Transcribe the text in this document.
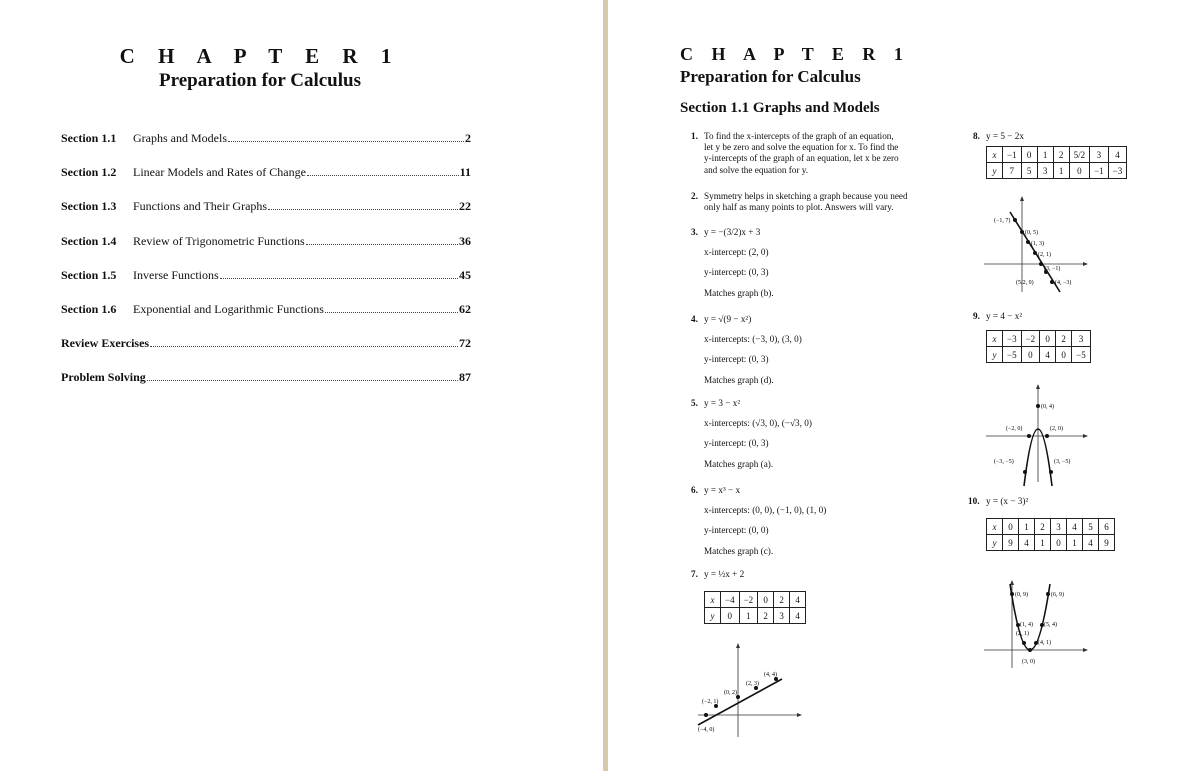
C H A P T E R 1
Preparation for Calculus
Section 1.1	Graphs and Models	2
Section 1.2	Linear Models and Rates of Change	11
Section 1.3	Functions and Their Graphs	22
Section 1.4	Review of Trigonometric Functions	36
Section 1.5	Inverse Functions	45
Section 1.6	Exponential and Logarithmic Functions	62
Review Exercises	72
Problem Solving	87
C H A P T E R 1
Preparation for Calculus
Section 1.1 Graphs and Models
1. To find the x-intercepts of the graph of an equation,
let y be zero and solve the equation for x. To find the
y-intercepts of the graph of an equation, let x be zero
and solve the equation for y.
2. Symmetry helps in sketching a graph because you need
only half as many points to plot. Answers will vary.
3. y = −(3/2)x + 3
x-intercept: (2, 0)
y-intercept: (0, 3)
Matches graph (b).
4. y = √(9 − x²)
x-intercepts: (−3, 0), (3, 0)
y-intercept: (0, 3)
Matches graph (d).
5. y = 3 − x²
x-intercepts: (√3, 0), (−√3, 0)
y-intercept: (0, 3)
Matches graph (a).
6. y = x³ − x
x-intercepts: (0, 0), (−1, 0), (1, 0)
y-intercept: (0, 0)
Matches graph (c).
7. y = ½x + 2
x	−4	−2	0	2	4
y	0	1	2	3	4
(4, 4)
(2, 3)
(0, 2)
(−2, 1)
(−4, 0)
8. y = 5 − 2x
x	−1	0	1	2	5/2	3	4
y	7	5	3	1	0	−1	−3
(−1, 7)
(0, 5)
(1, 3)
(2, 1)
(3, −1)
(5/2, 0)	(4, −3)
9. y = 4 − x²
x	−3	−2	0	2	3
y	−5	0	4	0	−5
(0, 4)
(−2, 0)	(2, 0)
(−3, −5)	(3, −5)
10. y = (x − 3)²
x	0	1	2	3	4	5	6
y	9	4	1	0	1	4	9
(0, 9)	(6, 9)
(1, 4) (5, 4)
(2, 1)
(4, 1)
(3, 0)
